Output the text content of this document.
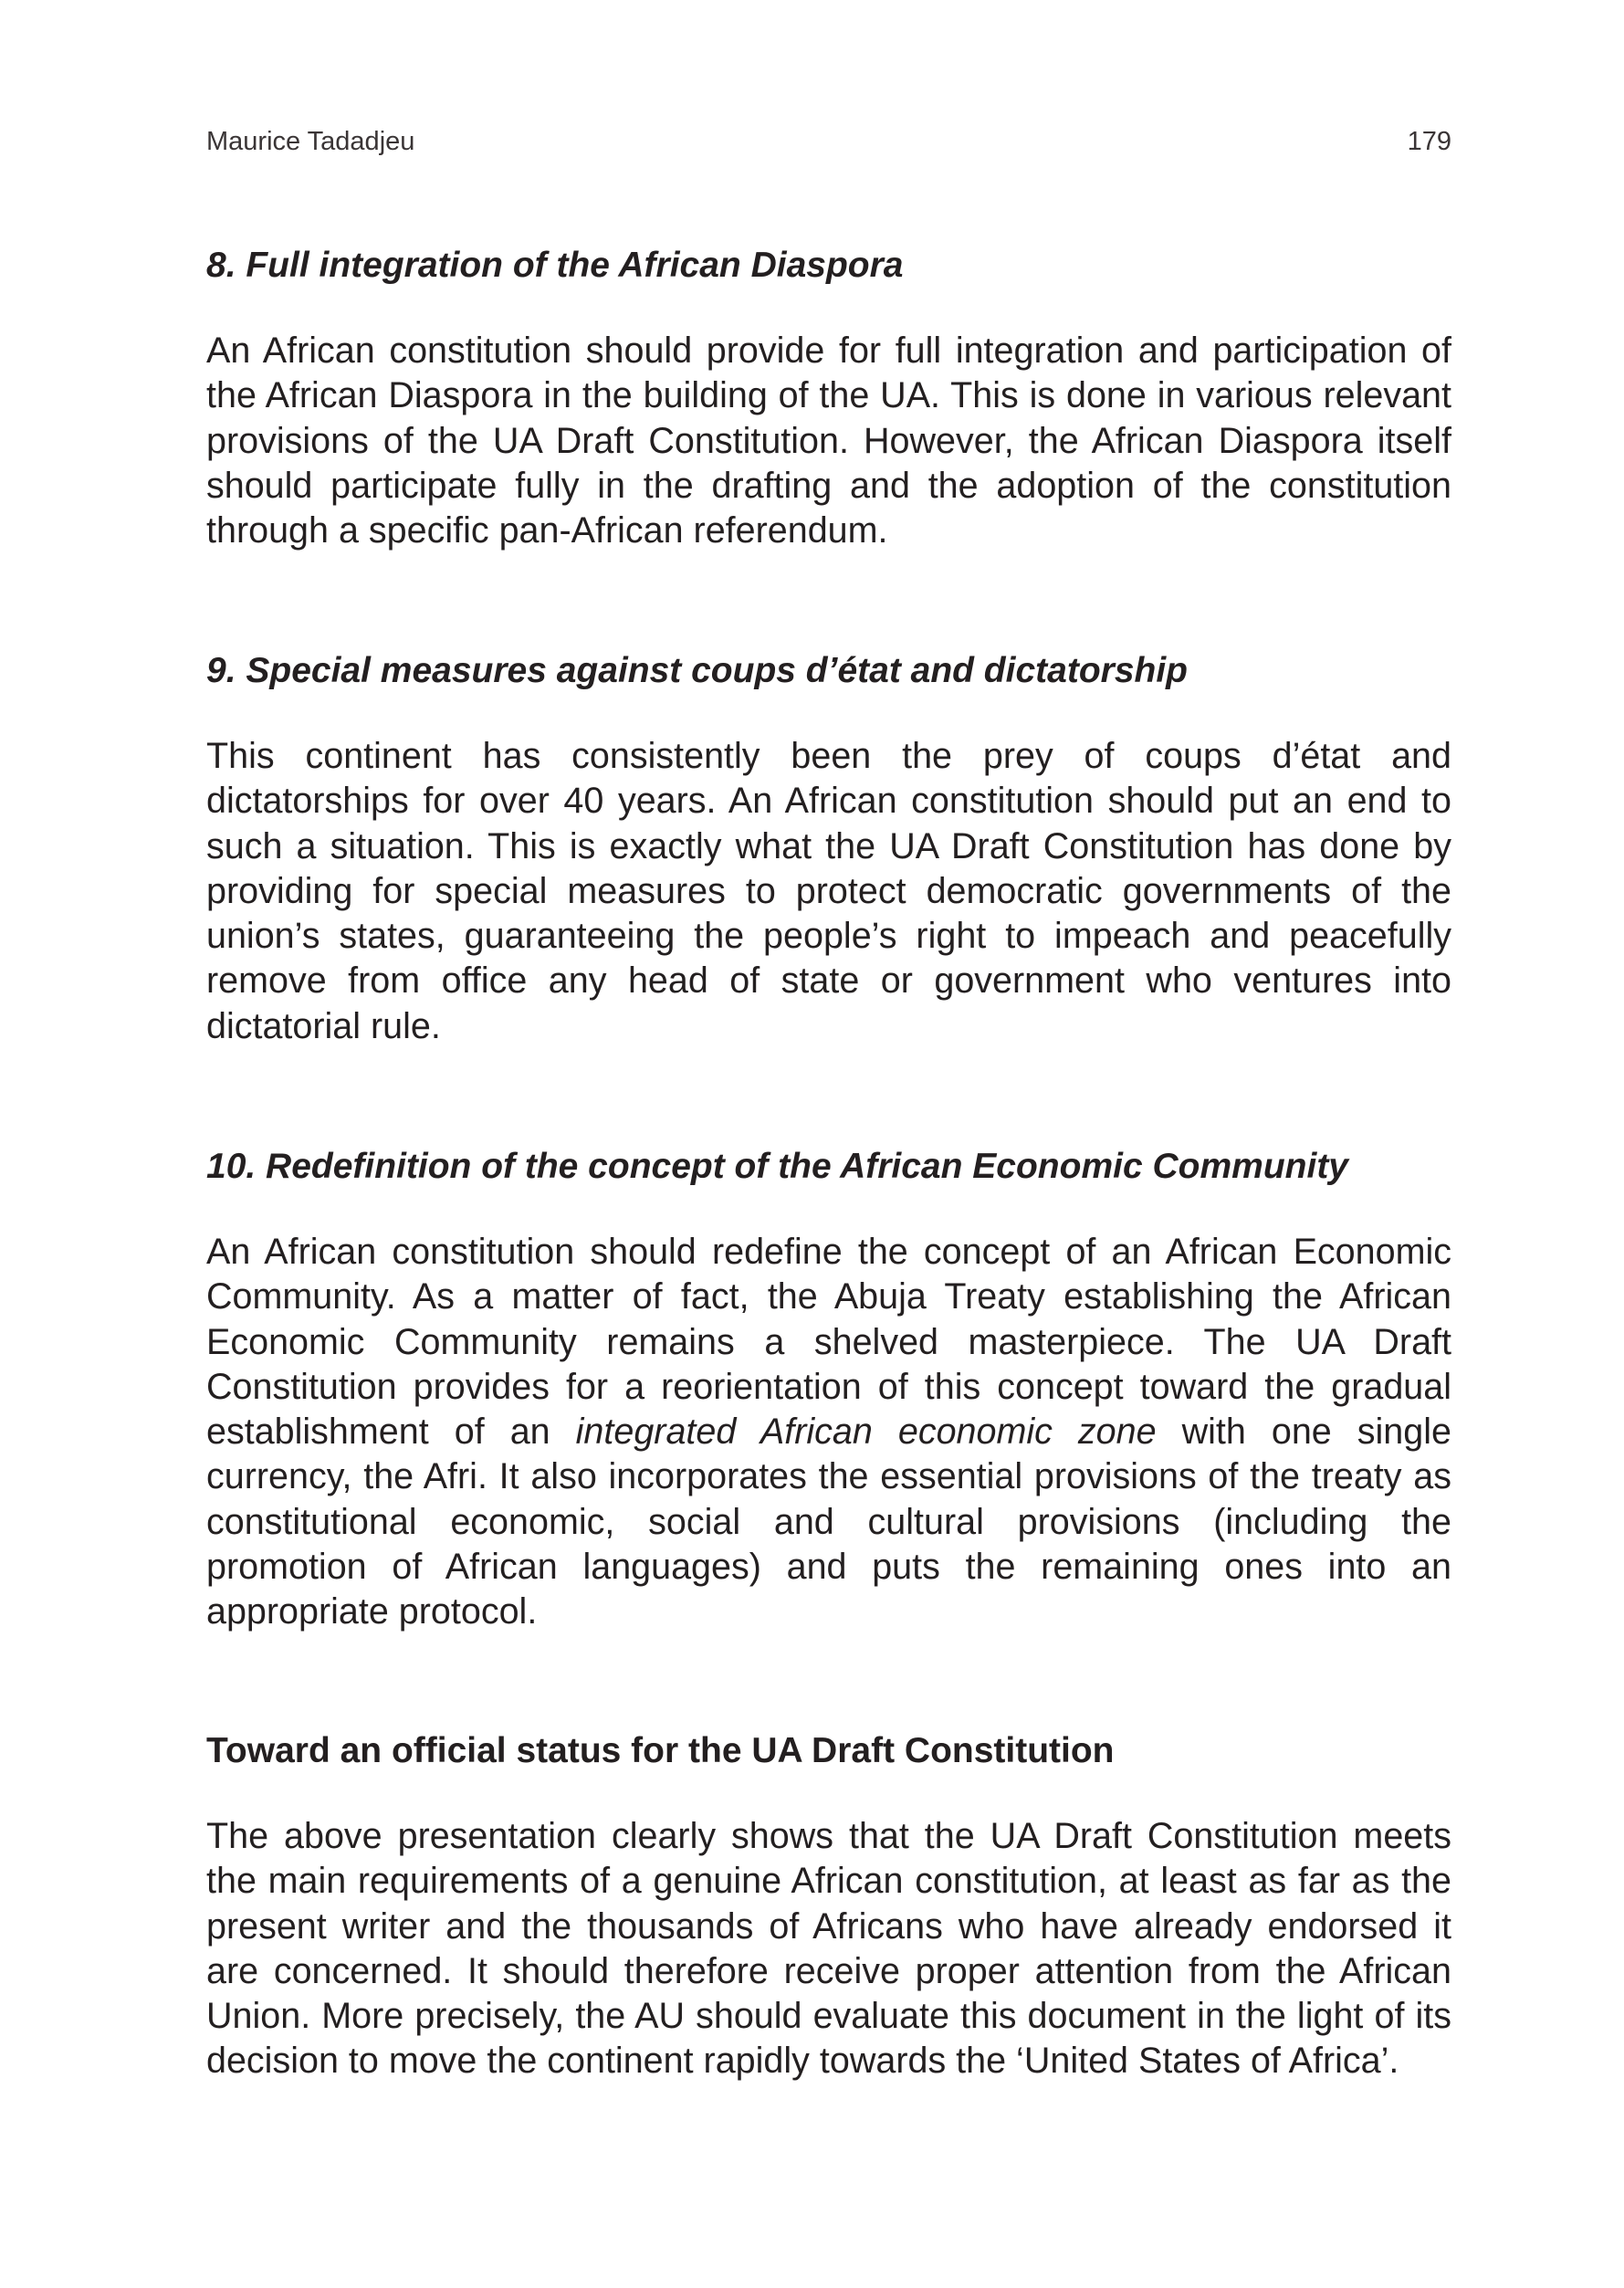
Maurice Tadadjeu	179
8. Full integration of the African Diaspora

An African constitution should provide for full integration and participation of the African Diaspora in the building of the UA. This is done in various relevant provisions of the UA Draft Constitution. However, the African Diaspora itself should participate fully in the drafting and the adoption of the constitution through a specific pan-African referendum.

9. Special measures against coups d’état and dictatorship

This continent has consistently been the prey of coups d’état and dictatorships for over 40 years. An African constitution should put an end to such a situation. This is exactly what the UA Draft Constitution has done by providing for special measures to protect democratic governments of the union’s states, guaranteeing the people’s right to impeach and peacefully remove from office any head of state or government who ventures into dictatorial rule.

10. Redefinition of the concept of the African Economic Community

An African constitution should redefine the concept of an African Economic Community. As a matter of fact, the Abuja Treaty establishing the African Economic Community remains a shelved masterpiece. The UA Draft Constitution provides for a reorientation of this concept toward the gradual establishment of an integrated African economic zone with one single currency, the Afri. It also incorporates the essential provisions of the treaty as constitutional economic, social and cultural provisions (including the promotion of African languages) and puts the remaining ones into an appropriate protocol.

Toward an official status for the UA Draft Constitution

The above presentation clearly shows that the UA Draft Constitution meets the main requirements of a genuine African constitution, at least as far as the present writer and the thousands of Africans who have already endorsed it are concerned. It should therefore receive proper attention from the African Union. More precisely, the AU should evaluate this document in the light of its decision to move the continent rapidly towards the ‘United States of Africa’.
